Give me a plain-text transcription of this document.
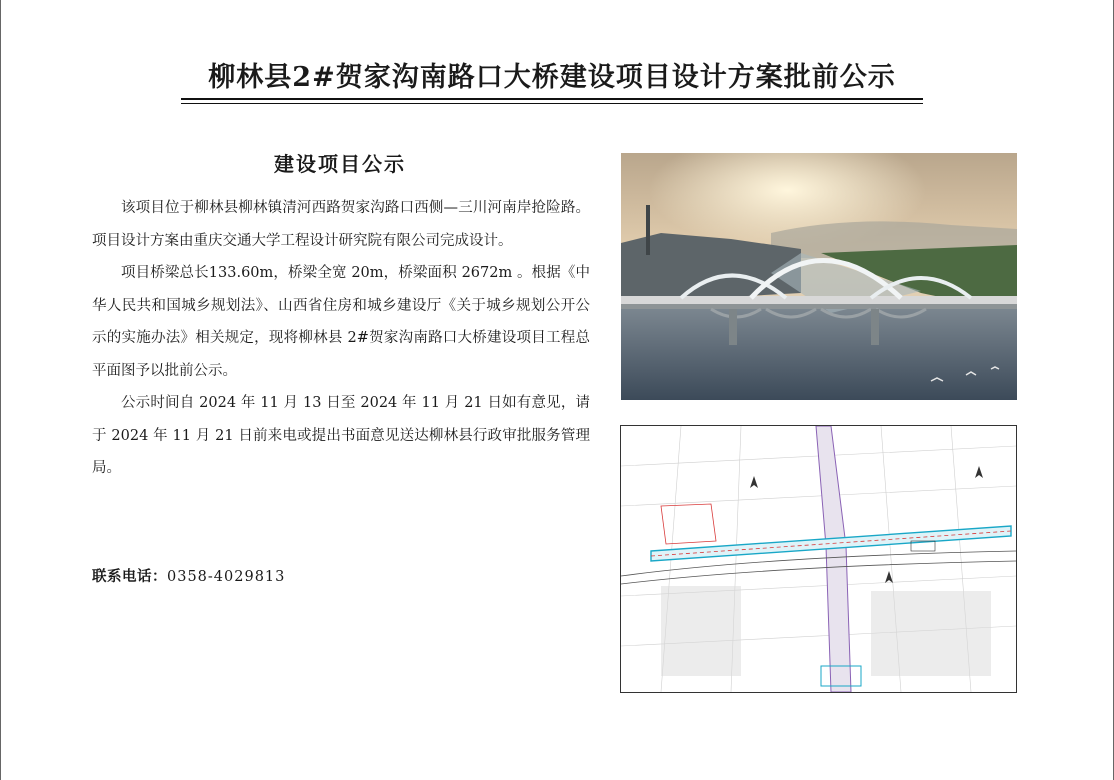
柳林县2#贺家沟南路口大桥建设项目设计方案批前公示
建设项目公示

该项目位于柳林县柳林镇清河西路贺家沟路口西侧—三川河南岸抢险路。项目设计方案由重庆交通大学工程设计研究院有限公司完成设计。

项目桥梁总长133.60m，桥梁全宽 20m，桥梁面积 2672m 。根据《中华人民共和国城乡规划法》、山西省住房和城乡建设厅《关于城乡规划公开公示的实施办法》相关规定，现将柳林县 2#贺家沟南路口大桥建设项目工程总平面图予以批前公示。

公示时间自 2024 年 11 月 13 日至 2024 年 11 月 21 日如有意见，请于 2024 年 11 月 21 日前来电或提出书面意见送达柳林县行政审批服务管理局。

联系电话：0358-4029813
